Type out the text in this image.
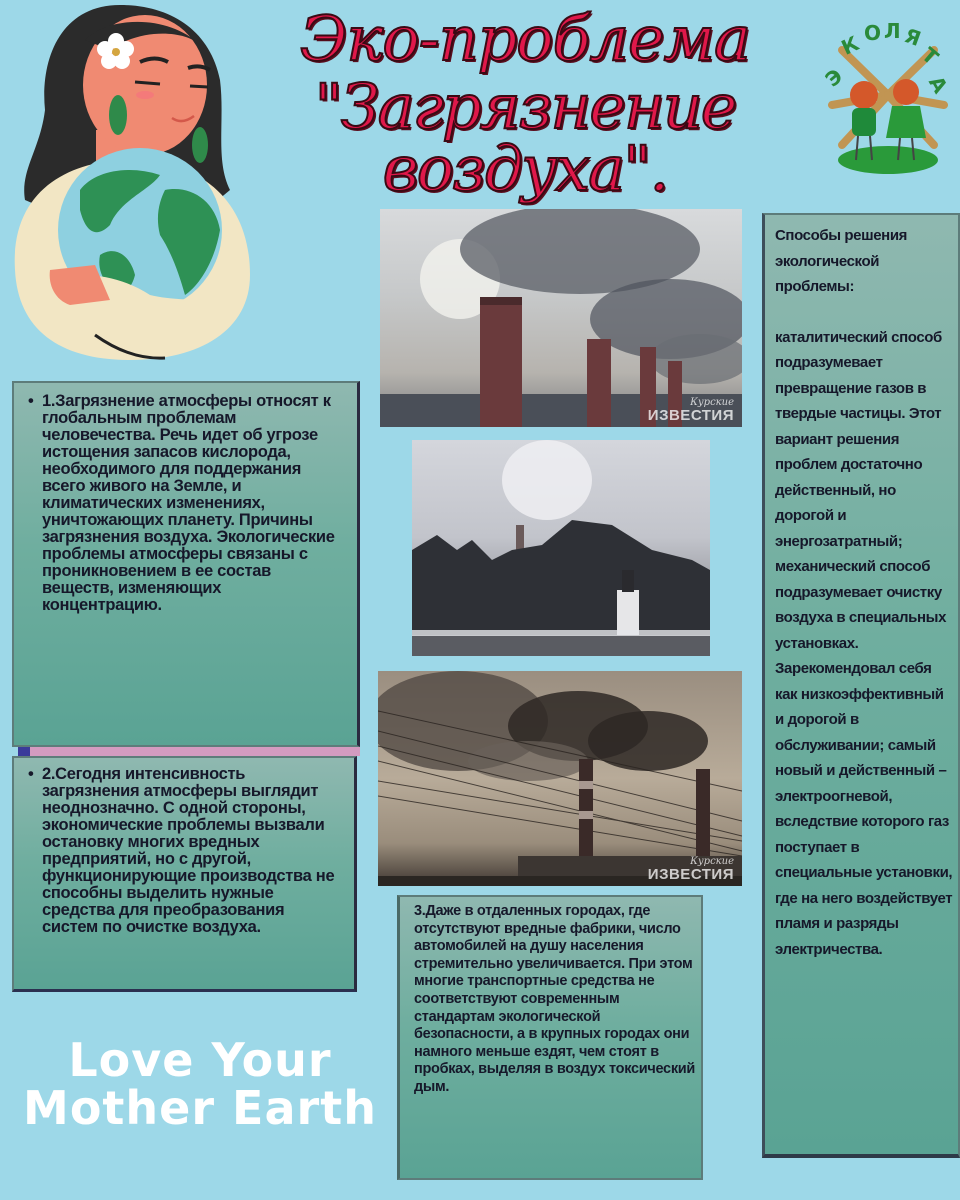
Эко-проблема
"Загрязнение воздуха".
Э
К О Л Я
Т
А

• 1.Загрязнение атмосферы относят к глобальным проблемам человечества. Речь идет об угрозе истощения запасов кислорода, необходимого для поддержания всего живого на Земле, и климатических изменениях, уничтожающих планету. Причины загрязнения воздуха. Экологические проблемы атмосферы связаны с проникновением в ее состав веществ, изменяющих концентрацию.

• 2.Сегодня интенсивность загрязнения атмосферы выглядит неоднозначно. С одной стороны, экономические проблемы вызвали остановку многих вредных предприятий, но с другой, функционирующие производства не способны выделить нужные средства для преобразования систем по очистке воздуха.

Курские
ИЗВЕСТИЯ
Курские
ИЗВЕСТИЯ

3.Даже в отдаленных городах, где отсутствуют вредные фабрики, число автомобилей на душу населения стремительно увеличивается. При этом многие транспортные средства не соответствуют современным стандартам экологической безопасности, а в крупных городах они намного меньше ездят, чем стоят в пробках, выделяя в воздух токсический дым.

Способы решения экологической проблемы:

каталитический способ подразумевает превращение газов в твердые частицы. Этот вариант решения проблем достаточно действенный, но дорогой и энергозатратный; механический способ подразумевает очистку воздуха в специальных установках. Зарекомендовал себя как низкоэффективный и дорогой в обслуживании; самый новый и действенный – электроогневой, вследствие которого газ поступает в специальные установки, где на него воздействует пламя и разряды электричества.

Love Your
Mother Earth
